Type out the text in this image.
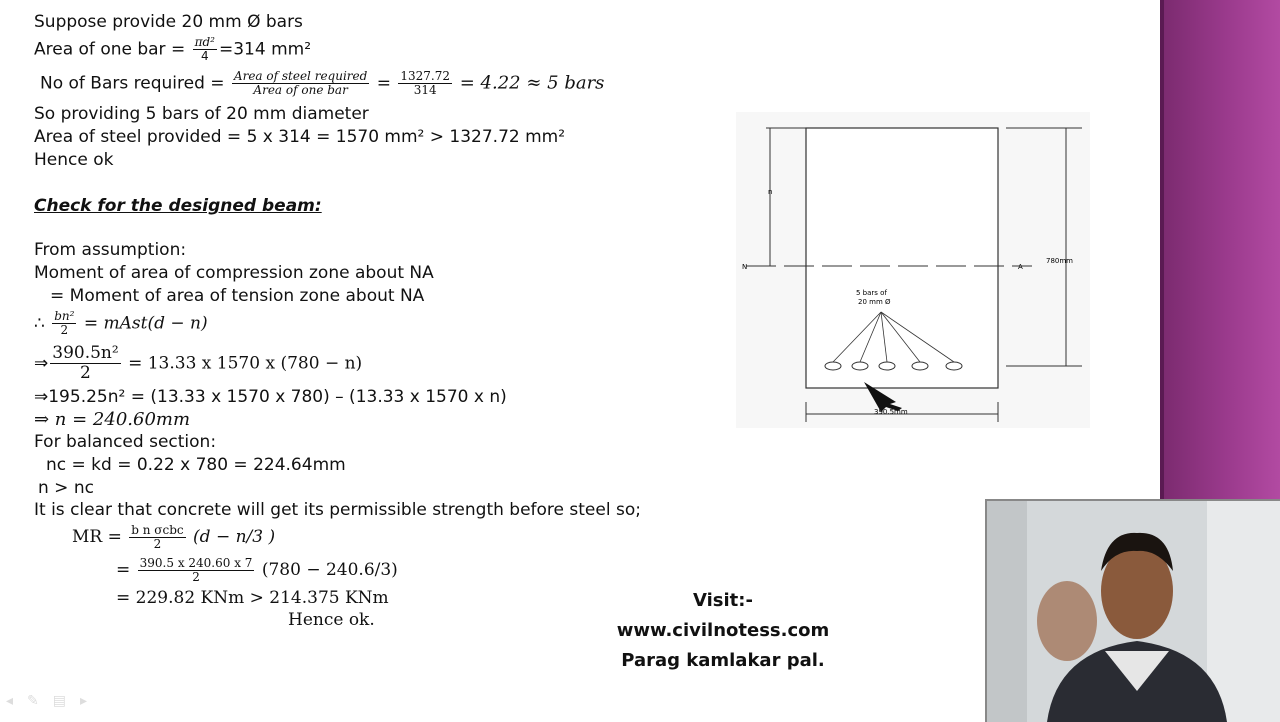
Suppose provide 20 mm Ø bars
Area of one bar = $\frac{\text{πd²}}{4} =314$ mm²
No of Bars required = $\frac{\text{Area of steel required}}{\text{Area of one bar}} = \frac{1327.72}{314} = 4.22 \approx 5$ bars
So providing 5 bars of 20 mm diameter
Area of steel provided = 5 x 314 = 1570 mm² > 1327.72 mm²
Hence ok
Check for the designed beam:
From assumption:
Moment of area of compression zone about NA
= Moment of area of tension zone about NA
∴ $\frac{\text{bn²}}{2}$ = mAst(d − n)
⇒ $\frac{\text{390.5n²}}{2} = 13.33$ x 1570 x (780 − n)
⇒195.25n² = (13.33 x 1570 x 780) – (13.33 x 1570 x n)
⇒ n = 240.60mm
For balanced section:
nc = kd = 0.22 x 780 = 224.64mm
n > nc
It is clear that concrete will get its permissible strength before steel so;
MR = $\frac{\text{b n σcbc}}{2} (d - n/3$ )
= $\frac{390.5 x 240.60 x 7}{2} (780 - 240.6/3)$
= 229.82 KNm > 214.375 KNm
Hence ok.
n
N	A
780mm
5 bars of
20 mm Ø
390.5mm
Visit:-
www.civilnotess.com
Parag kamlakar pal.
◂✎▤▸
